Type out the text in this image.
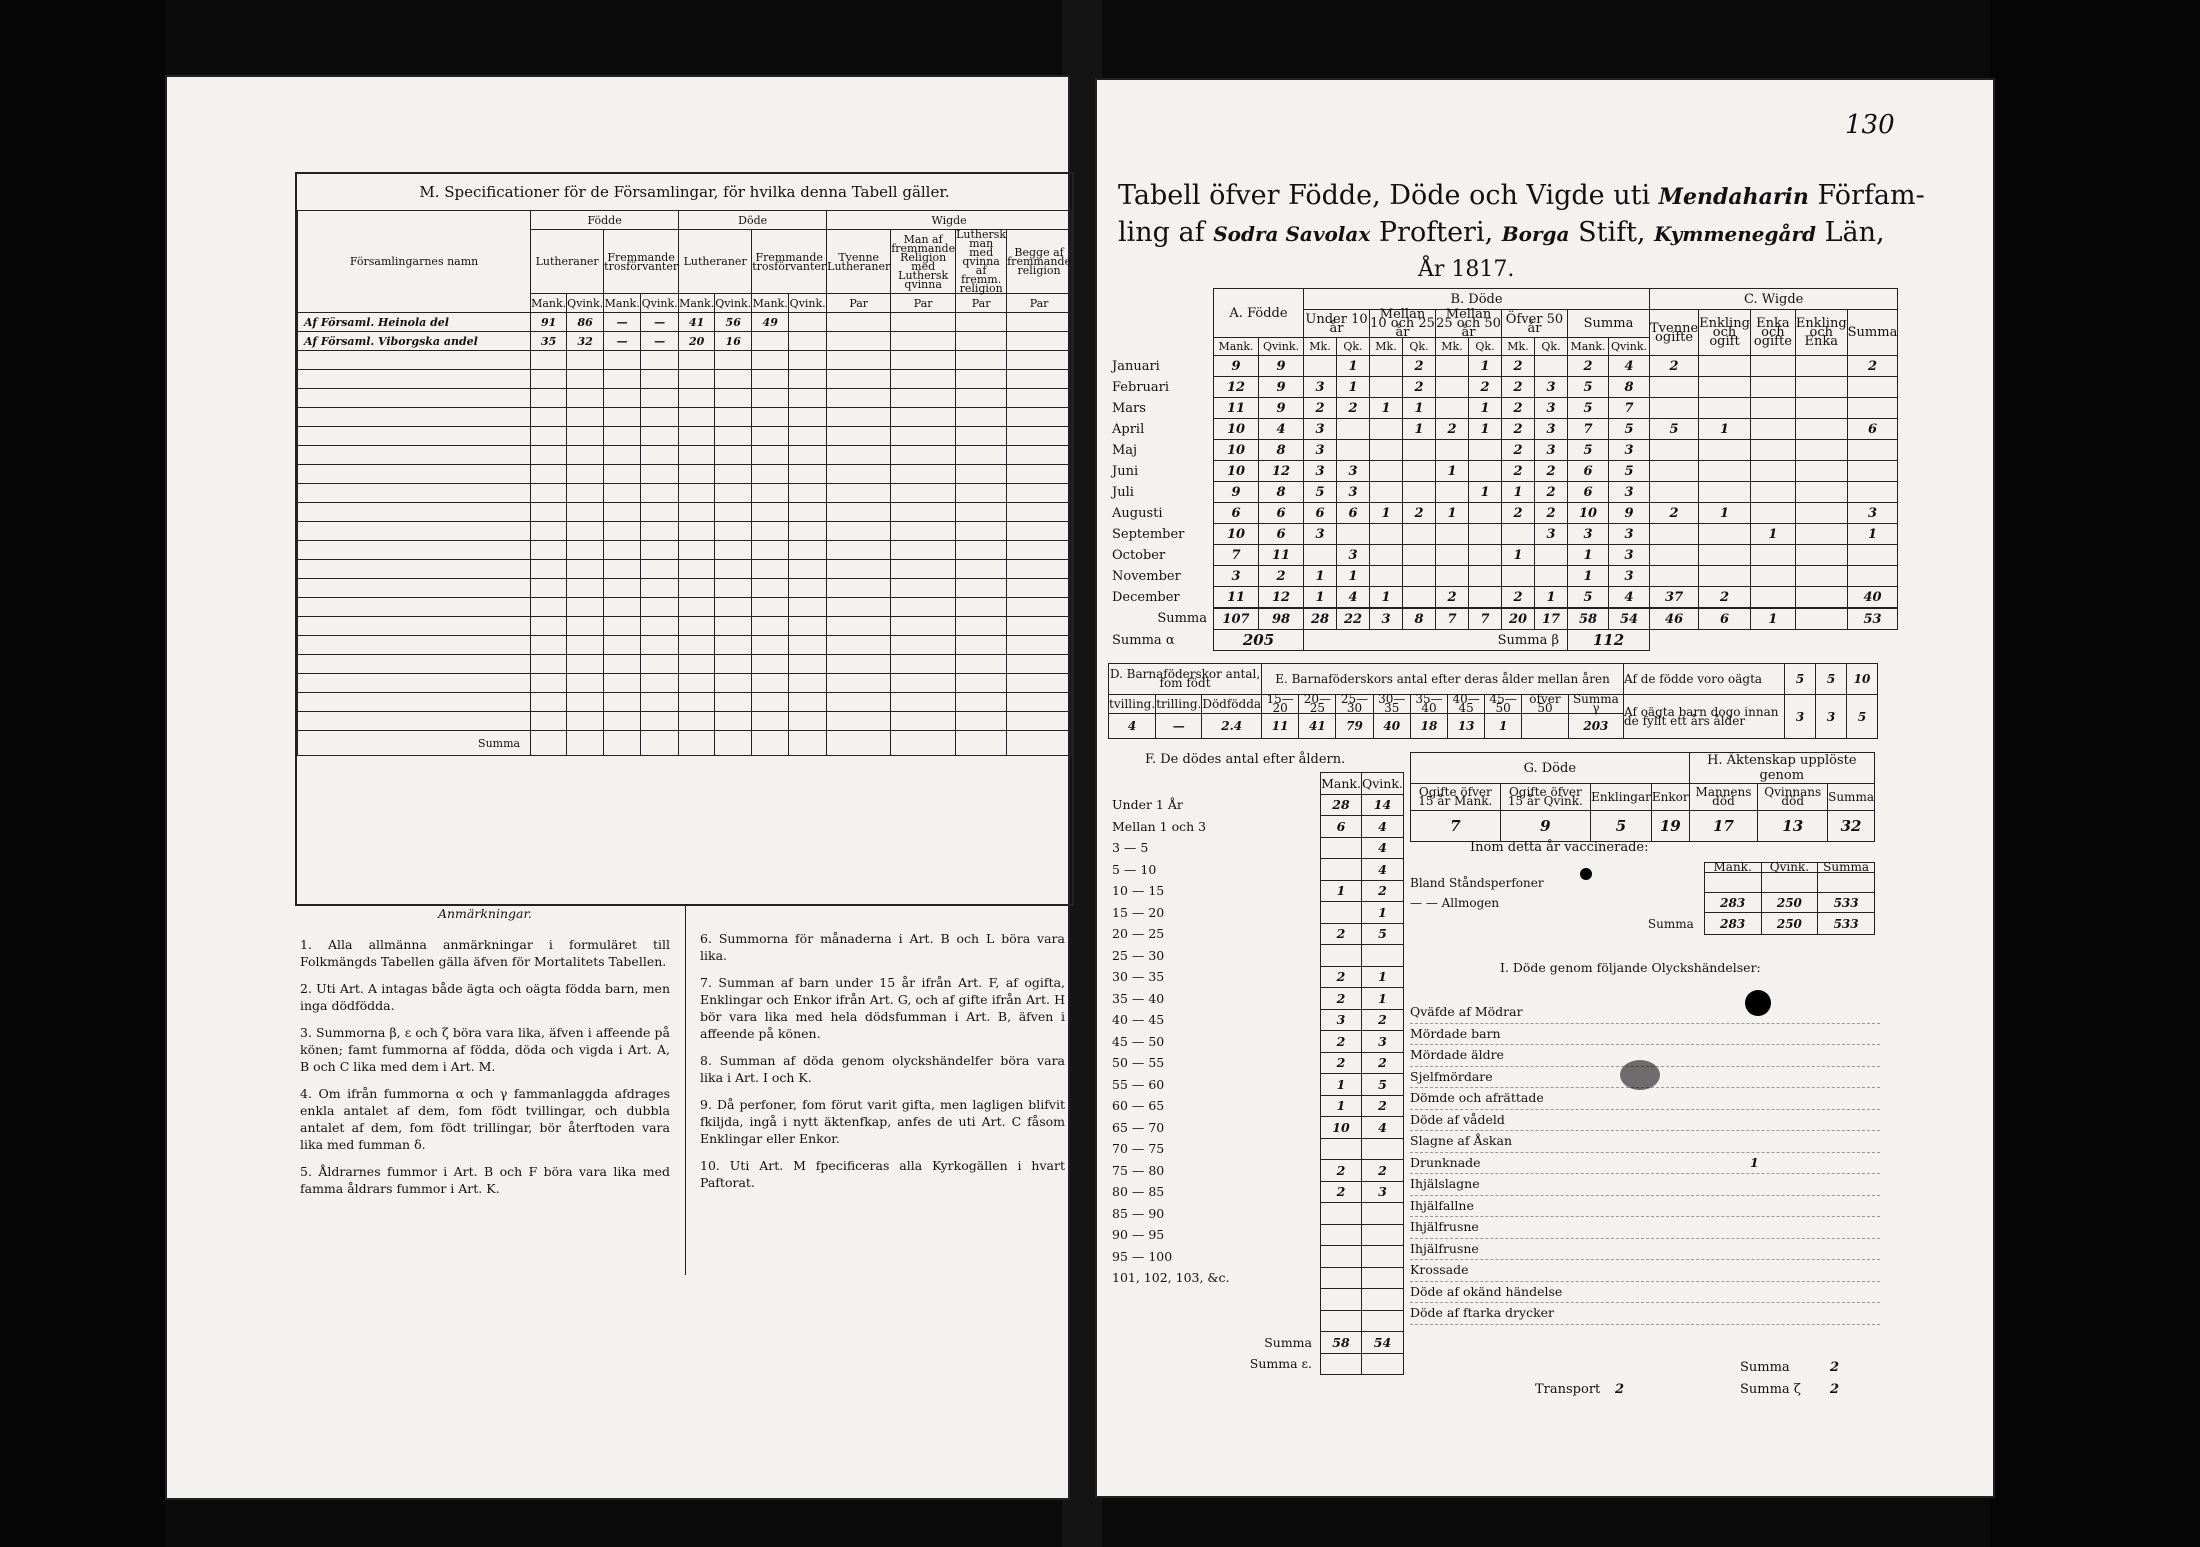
M. Specificationer för de Församlingar, för hvilka denna Tabell gäller.
Församlingarnes namn	Födde				Döde				Wigde			
	Lutheraner		Fremmande trosförvanter		Lutheraner		Fremmande trosförvanter		Tvenne Lutheraner	Man af fremmande Religion med Luthersk qvinna	Luthersk man med qvinna af fremm. religion	Begge af fremmande religion
	Mank.	Qvink.	Mank.	Qvink.	Mank.	Qvink.	Mank.	Qvink.	Par	Par	Par	Par
Af Församl. Heinola del	91	86	—	—	41	56	49					
Af Församl. Viborgska andel	35	32	—	—	20	16						

Summa												
Anmärkningar.

1. Alla allmänna anmärkningar i formuläret till Folkmängds Tabellen gälla äfven för Mortalitets Tabellen.

2. Uti Art. A intagas både ägta och oägta födda barn, men inga dödfödda.

3. Summorna β, ε och ζ böra vara lika, äfven i affeende på könen; famt fummorna af födda, döda och vigda i Art. A, B och C lika med dem i Art. M.

4. Om ifrån fummorna α och γ fammanlaggda afdrages enkla antalet af dem, fom födt tvillingar, och dubbla antalet af dem, fom födt trillingar, bör återftoden vara lika med fumman δ.

5. Åldrarnes fummor i Art. B och F böra vara lika med famma åldrars fummor i Art. K.

6. Summorna för månaderna i Art. B och L böra vara lika.

7. Summan af barn under 15 år ifrån Art. F, af ogifta, Enklingar och Enkor ifrån Art. G, och af gifte ifrån Art. H bör vara lika med hela dödsfumman i Art. B, äfven i affeende på könen.

8. Summan af döda genom olyckshändelfer böra vara lika i Art. I och K.

9. Då perfoner, fom förut varit gifta, men lagligen blifvit fkiljda, ingå i nytt äktenfkap, anfes de uti Art. C fåsom Enklingar eller Enkor.

10. Uti Art. M fpecificeras alla Kyrkogällen i hvart Paftorat.

130
Tabell öfver Födde, Döde och Vigde uti Mendaharin Förfam-
ling af Sodra Savolax Profteri, Borga Stift, Kymmenegård Län,
År 1817.
	A. Födde		B. Döde										C. Wigde				
			Under 10 år		Mellan 10 och 25 år		Mellan 25 och 50 år		Öfver 50 år		Summa		Tvenne ogifte	Enkling och ogift	Enka och ogifte	Enkling och Enka	Summa
	Mank.	Qvink.	Mk.	Qk.	Mk.	Qk.	Mk.	Qk.	Mk.	Qk.	Mank.	Qvink.					
Januari	9	9		1		2		1	2		2	4	2				2
Februari	12	9	3	1		2		2	2	3	5	8					
Mars	11	9	2	2	1	1		1	2	3	5	7					
April	10	4	3			1	2	1	2	3	7	5	5	1			6
Maj	10	8	3						2	3	5	3					
Juni	10	12	3	3			1		2	2	6	5					
Juli	9	8	5	3				1	1	2	6	3					
Augusti	6	6	6	6	1	2	1		2	2	10	9	2	1			3
September	10	6	3							3	3	3			1		1
October	7	11		3					1		1	3					
November	3	2	1	1							1	3					
December	11	12	1	4	1		2		2	1	5	4	37	2			40
Summa	107	98	28	22	3	8	7	7	20	17	58	54	46	6	1		53
Summa α	205		Summa β								112						
D. Barnaföderskor antal, fom födt			E. Barnaföderskors antal efter deras ålder mellan åren									Af de födde voro oägta	5	5	10
tvilling.	trilling.	Dödfödda	15—20	20—25	25—30	30—35	35—40	40—45	45—50	öfver 50	Summa γ	Af oägta barn dogo innan de fyllt ett års ålder	3	3	5
4	—	2.4	11	41	79	40	18	13	1		203				
F. De dödes antal efter åldern.
	Mank.	Qvink.
Under 1 År	28	14
Mellan 1 och 3	6	4
3 — 5		4
5 — 10		4
10 — 15	1	2
15 — 20		1
20 — 25	2	5
25 — 30		
30 — 35	2	1
35 — 40	2	1
40 — 45	3	2
45 — 50	2	3
50 — 55	2	2
55 — 60	1	5
60 — 65	1	2
65 — 70	10	4
70 — 75		
75 — 80	2	2
80 — 85	2	3
85 — 90		
90 — 95		
95 — 100		
101, 102, 103, &c.		

Summa	58	54
Summa ε.		
G. Döde				H. Äktenskap upplöste genom		
Ogifte öfver 15 år Mank.	Ogifte öfver 15 år Qvink.	Enklingar	Enkor	Mannens död	Qvinnans död	Summa
7	9	5	19	17	13	32
Inom detta år vaccinerade:
	Mank.	Qvink.	Summa
Bland Ståndsperfoner			
— — Allmogen	283	250	533
Summa	283	250	533
I. Döde genom följande Olyckshändelser:
Qväfde af Mödrar
Mördade barn
Mördade äldre
Sjelfmördare
Dömde och afrättade
Döde af vådeld
Slagne af Åskan
Drunknade	1
Ihjälslagne
Ihjälfallne
Ihjälfrusne
Ihjälfrusne
Krossade
Döde af okänd händelse
Döde af ftarka drycker
Summa	2
Transport 2	Summa ζ 2
